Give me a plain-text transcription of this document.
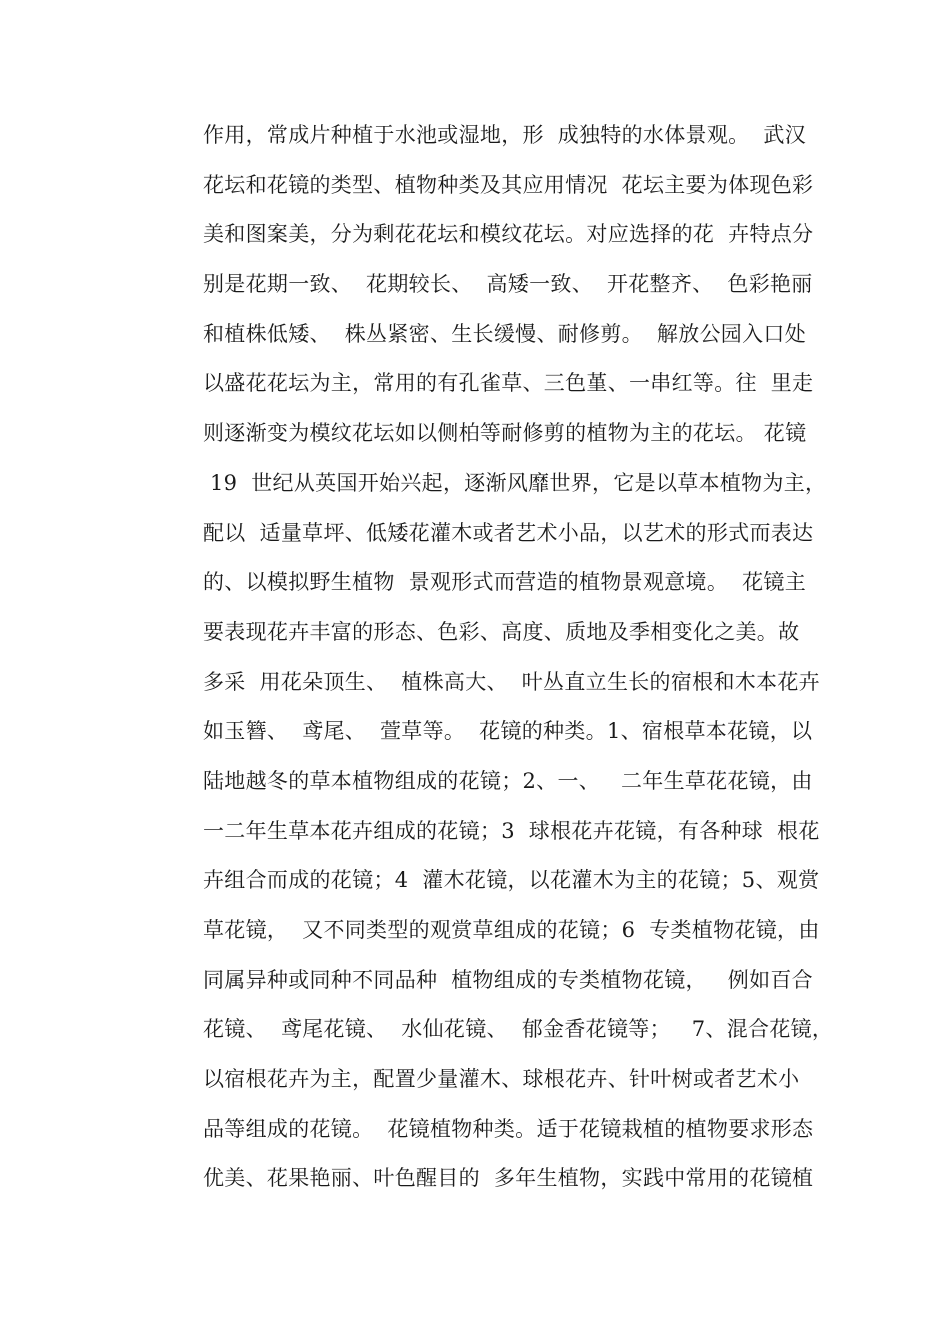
作用，常成片种植于水池或湿地，形  成独特的水体景观。  武汉
花坛和花镜的类型、植物种类及其应用情况  花坛主要为体现色彩
美和图案美，分为剩花花坛和模纹花坛。对应选择的花  卉特点分
别是花期一致、  花期较长、  高矮一致、  开花整齐、  色彩艳丽
和植株低矮、  株丛紧密、生长缓慢、耐修剪。  解放公园入口处
以盛花花坛为主，常用的有孔雀草、三色堇、一串红等。往  里走
则逐渐变为模纹花坛如以侧柏等耐修剪的植物为主的花坛。 花镜
19  世纪从英国开始兴起，逐渐风靡世界，它是以草本植物为主，
配以  适量草坪、低矮花灌木或者艺术小品，以艺术的形式而表达
的、以模拟野生植物  景观形式而营造的植物景观意境。  花镜主
要表现花卉丰富的形态、色彩、高度、质地及季相变化之美。故
多采  用花朵顶生、  植株高大、  叶丛直立生长的宿根和木本花卉
如玉簪、  鸢尾、  萱草等。  花镜的种类。1、宿根草本花镜，以
陆地越冬的草本植物组成的花镜；2、一、   二年生草花花镜，由
一二年生草本花卉组成的花镜；3  球根花卉花镜，有各种球  根花
卉组合而成的花镜；4  灌木花镜，以花灌木为主的花镜；5、观赏
草花镜，  又不同类型的观赏草组成的花镜；6  专类植物花镜，由
同属异种或同种不同品种  植物组成的专类植物花镜，   例如百合
花镜、  鸢尾花镜、  水仙花镜、  郁金香花镜等；   7、混合花镜，
以宿根花卉为主，配置少量灌木、球根花卉、针叶树或者艺术小
品等组成的花镜。  花镜植物种类。适于花镜栽植的植物要求形态
优美、花果艳丽、叶色醒目的  多年生植物，实践中常用的花镜植
